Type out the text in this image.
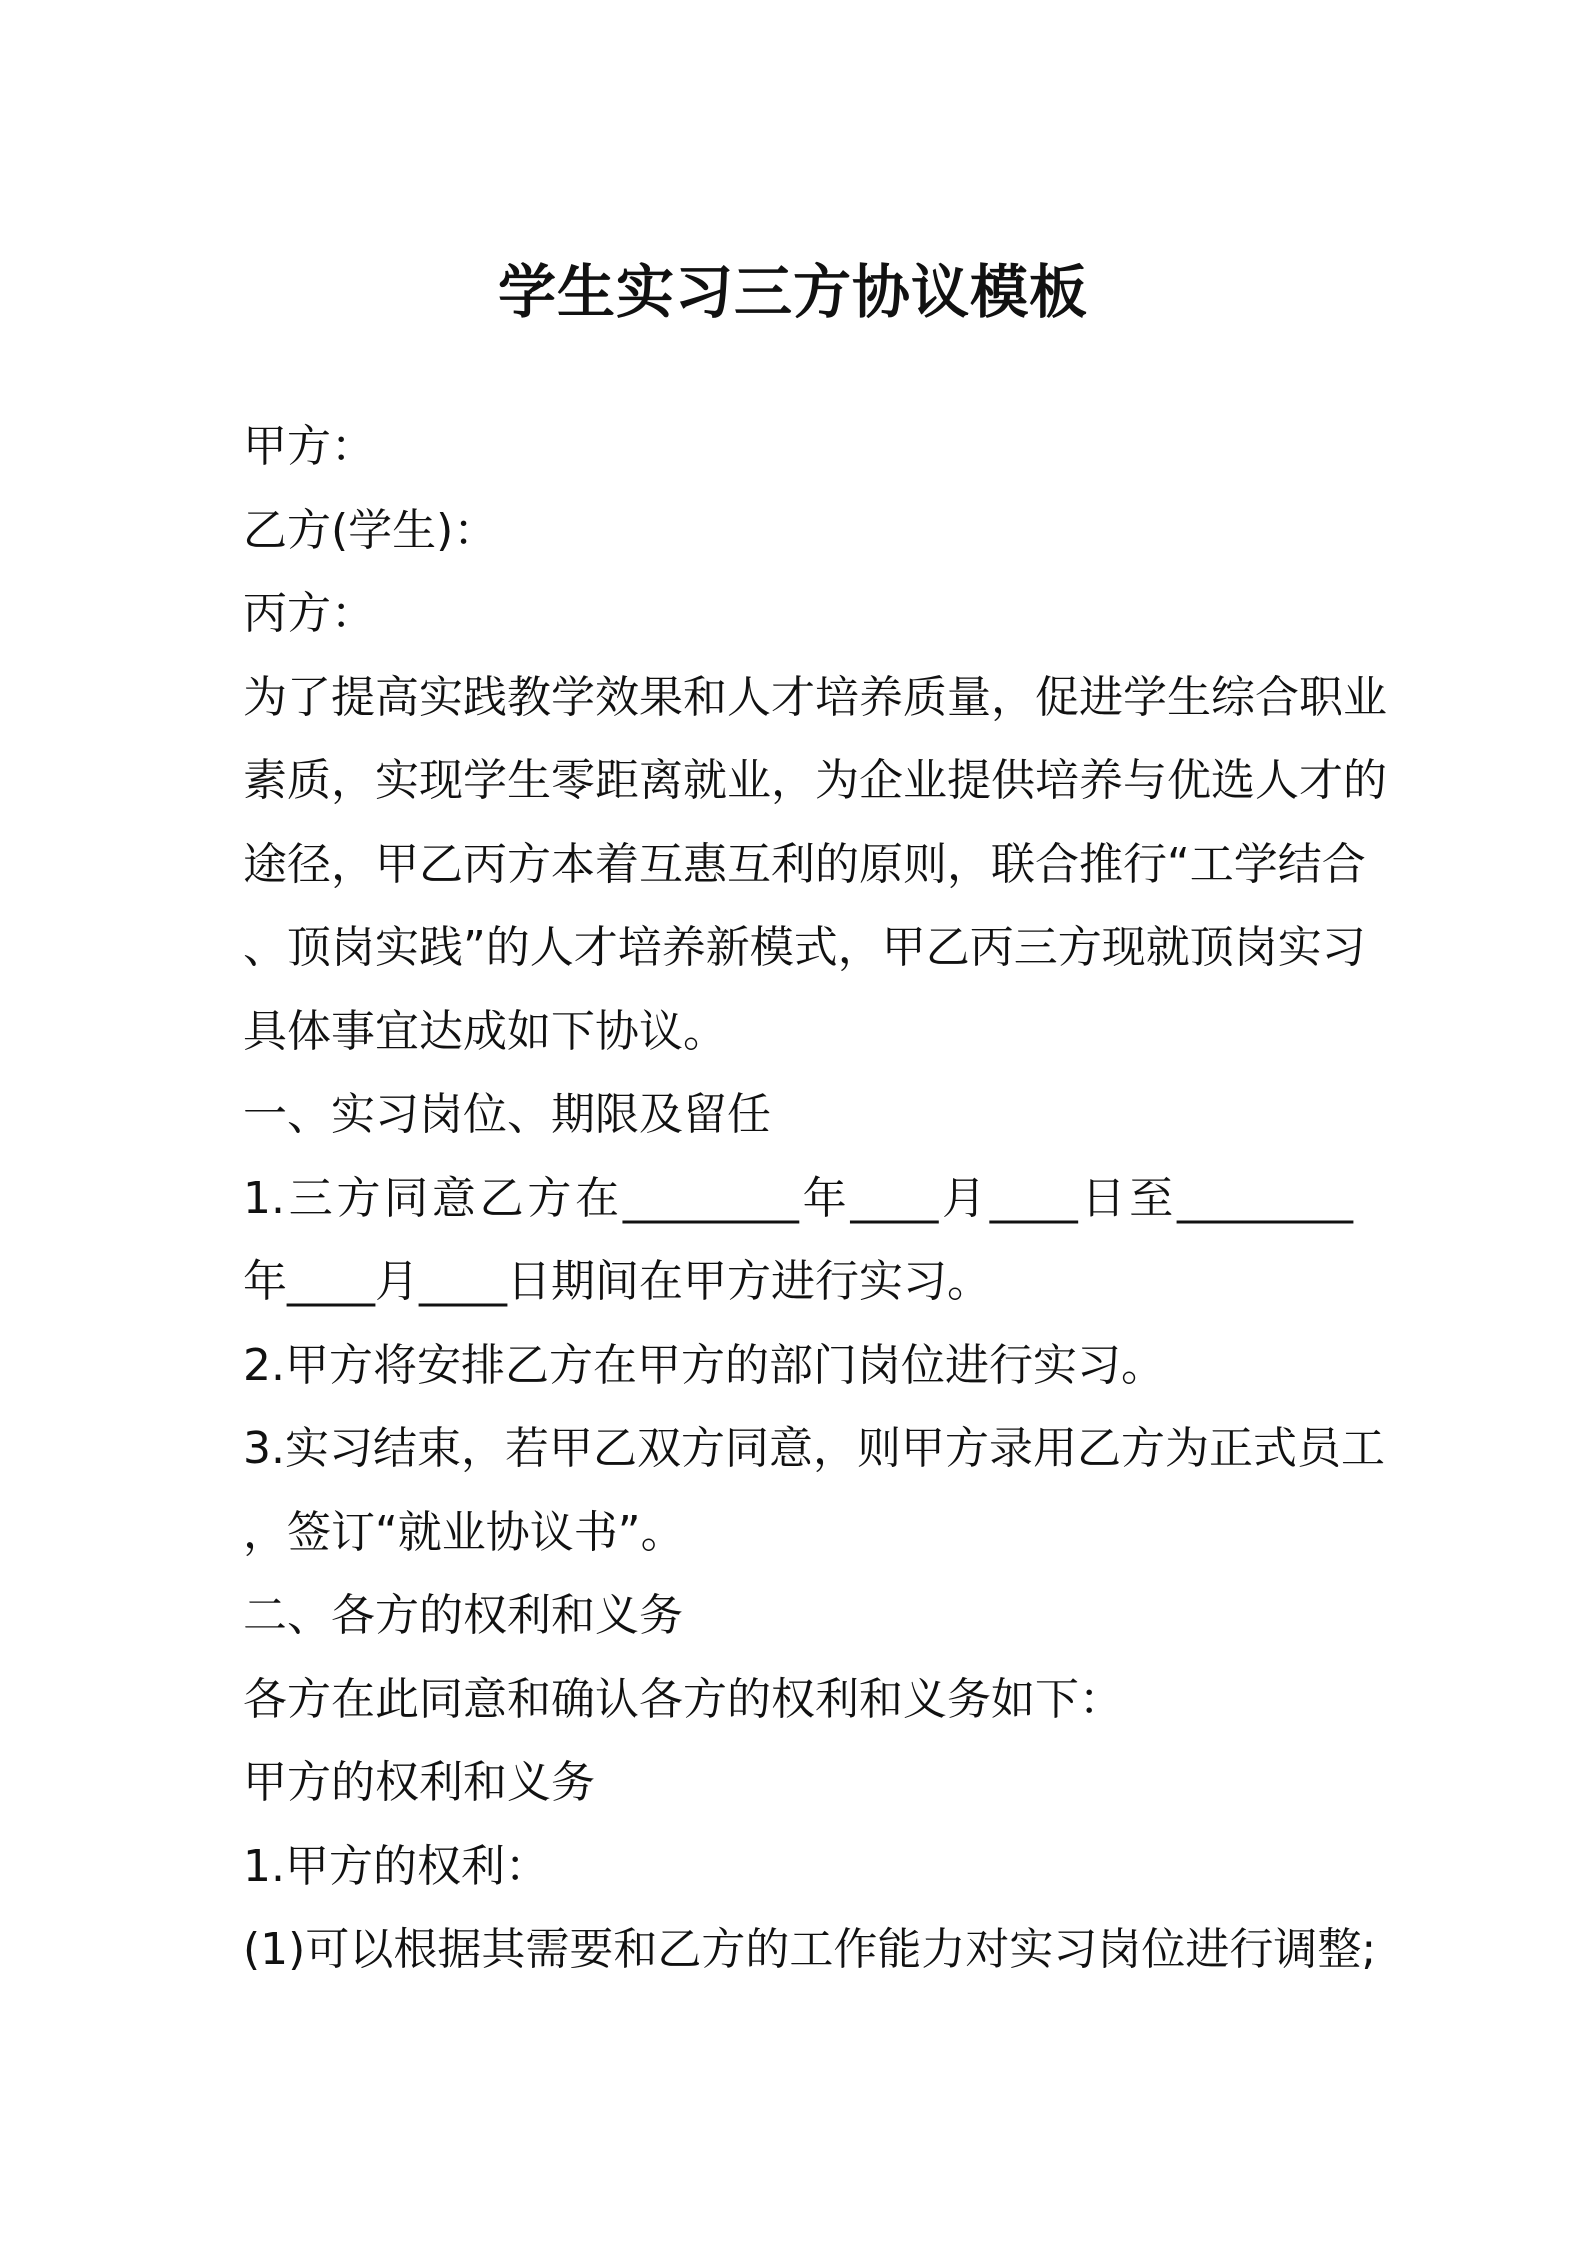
学生实习三方协议模板
甲方：
乙方(学生)：
丙方：
为了提高实践教学效果和人才培养质量，促进学生综合职业
素质，实现学生零距离就业，为企业提供培养与优选人才的
途径，甲乙丙方本着互惠互利的原则，联合推行“工学结合
、顶岗实践”的人才培养新模式，甲乙丙三方现就顶岗实习
具体事宜达成如下协议。
一、实习岗位、期限及留任
1.三方同意乙方在________年____月____日至________
年____月____日期间在甲方进行实习。
2.甲方将安排乙方在甲方的部门岗位进行实习。
3.实习结束，若甲乙双方同意，则甲方录用乙方为正式员工
，签订“就业协议书”。
二、各方的权利和义务
各方在此同意和确认各方的权利和义务如下：
甲方的权利和义务
1.甲方的权利：
(1)可以根据其需要和乙方的工作能力对实习岗位进行调整;
